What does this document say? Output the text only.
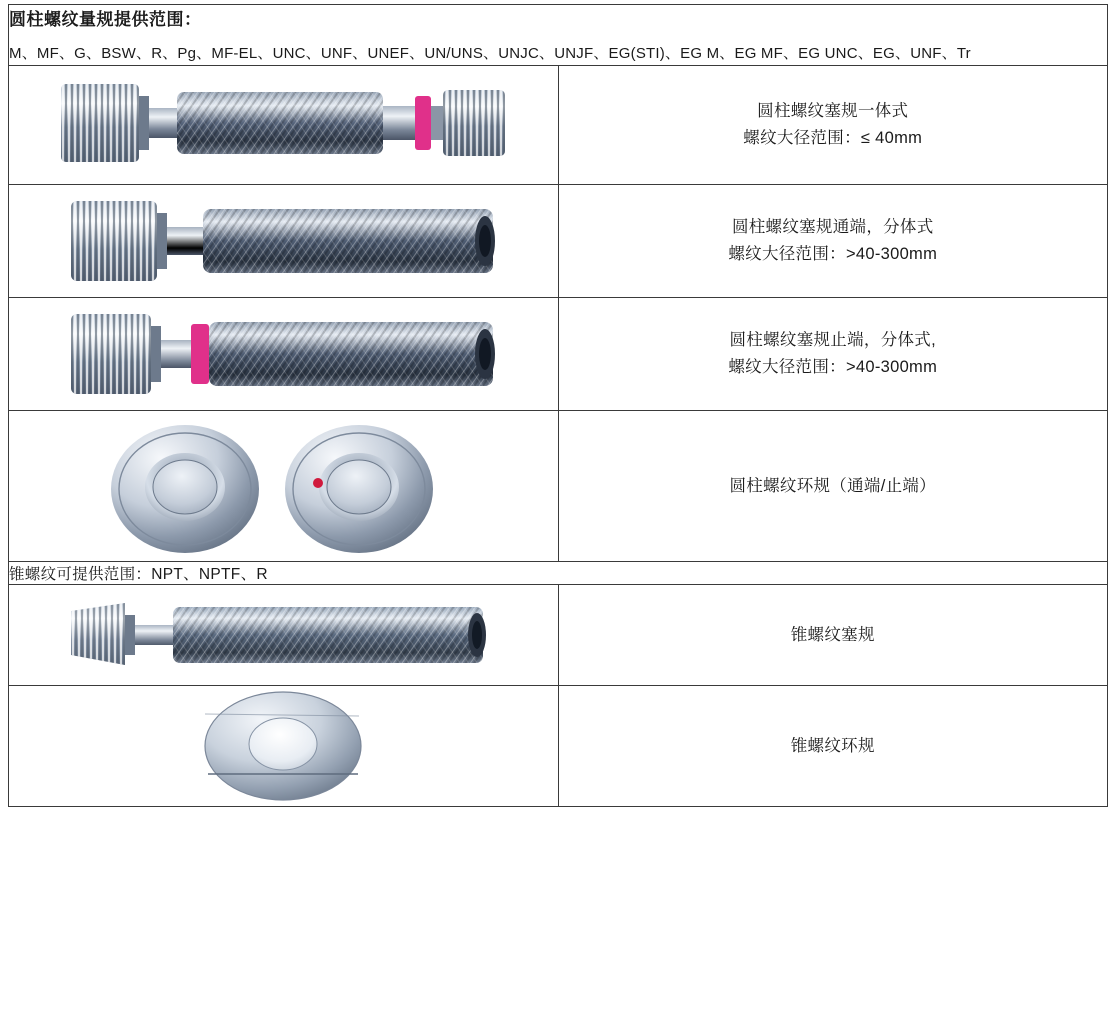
圆柱螺纹量规提供范围：
M、MF、G、BSW、R、Pg、MF-EL、UNC、UNF、UNEF、UN/UNS、UNJC、UNJF、EG(STI)、EG M、EG MF、EG UNC、EG、UNF、Tr	

圆柱螺纹塞规一体式
螺纹大径范围：≤ 40mm

圆柱螺纹塞规通端，分体式
螺纹大径范围：>40-300mm

圆柱螺纹塞规止端，分体式,
螺纹大径范围：>40-300mm

圆柱螺纹环规（通端/止端）

锥螺纹可提供范围：NPT、NPTF、R	

锥螺纹塞规

锥螺纹环规
